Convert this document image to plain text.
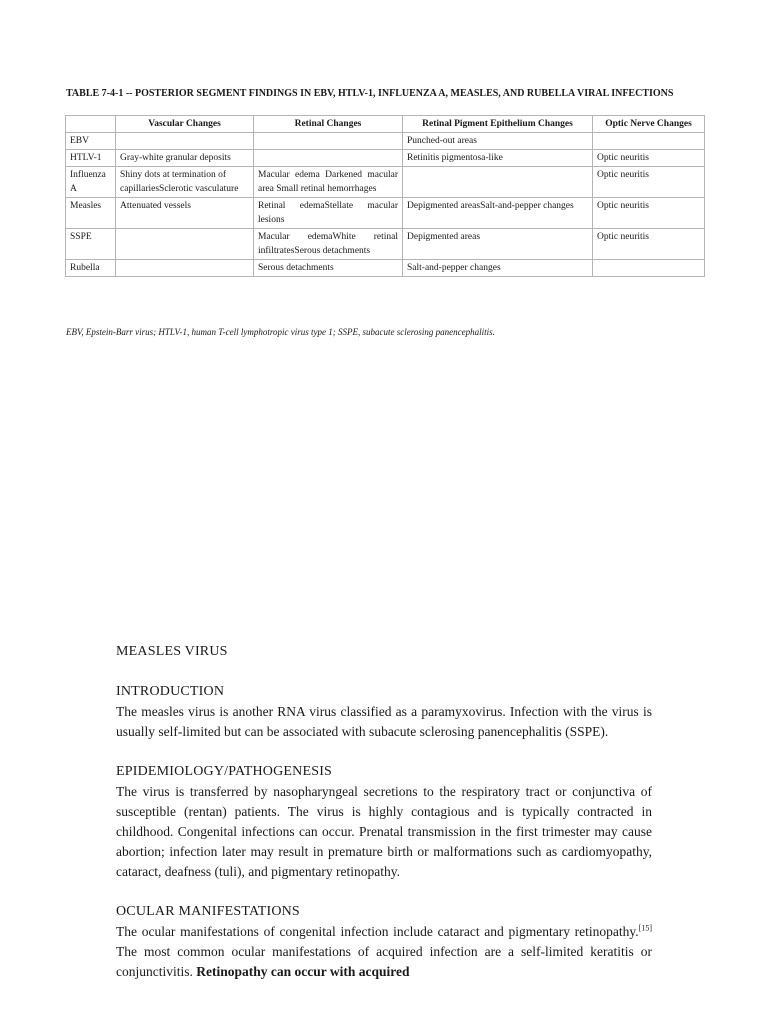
TABLE 7-4-1 -- POSTERIOR SEGMENT FINDINGS IN EBV, HTLV-1, INFLUENZA A, MEASLES, AND RUBELLA VIRAL INFECTIONS
	Vascular Changes	Retinal Changes	Retinal Pigment Epithelium Changes	Optic Nerve Changes
EBV			Punched-out areas	
HTLV-1	Gray-white granular deposits		Retinitis pigmentosa-like	Optic neuritis
Influenza A	Shiny dots at termination of capillariesSclerotic vasculature	Macular edema Darkened macular area Small retinal hemorrhages		Optic neuritis
Measles	Attenuated vessels	Retinal edemaStellate macular lesions	Depigmented areasSalt-and-pepper changes	Optic neuritis
SSPE		Macular edemaWhite retinal infiltratesSerous detachments	Depigmented areas	Optic neuritis
Rubella		Serous detachments	Salt-and-pepper changes	
EBV, Epstein-Barr virus; HTLV-1, human T-cell lymphotropic virus type 1; SSPE, subacute sclerosing panencephalitis.
MEASLES VIRUS
INTRODUCTION

The measles virus is another RNA virus classified as a paramyxovirus. Infection with the virus is usually self-limited but can be associated with subacute sclerosing panencephalitis (SSPE).

EPIDEMIOLOGY/PATHOGENESIS

The virus is transferred by nasopharyngeal secretions to the respiratory tract or conjunctiva of susceptible (rentan) patients. The virus is highly contagious and is typically contracted in childhood. Congenital infections can occur. Prenatal transmission in the first trimester may cause abortion; infection later may result in premature birth or malformations such as cardiomyopathy, cataract, deafness (tuli), and pigmentary retinopathy.

OCULAR MANIFESTATIONS

The ocular manifestations of congenital infection include cataract and pigmentary retinopathy.[15] The most common ocular manifestations of acquired infection are a self-limited keratitis or conjunctivitis. Retinopathy can occur with acquired
